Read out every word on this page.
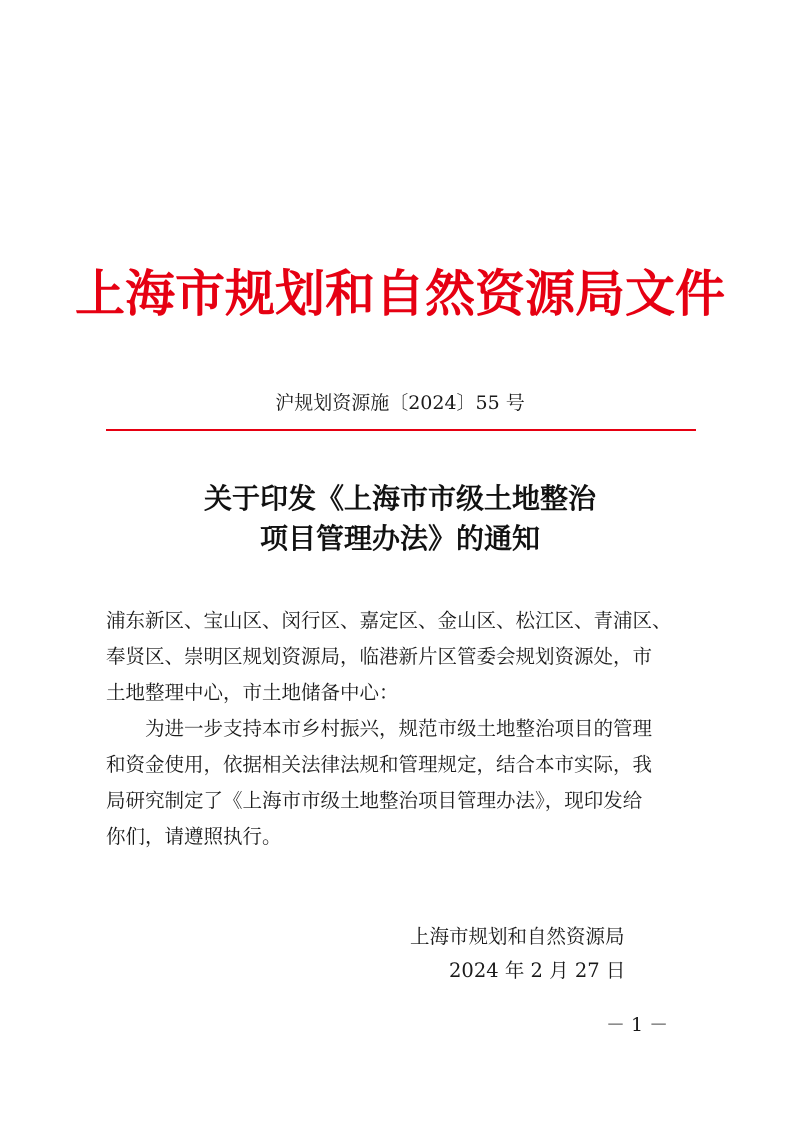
上海市规划和自然资源局文件
沪规划资源施〔2024〕55 号
关于印发《上海市市级土地整治
项目管理办法》的通知
浦东新区、宝山区、闵行区、嘉定区、金山区、松江区、青浦区、
奉贤区、崇明区规划资源局，临港新片区管委会规划资源处，市
土地整理中心，市土地储备中心：
为进一步支持本市乡村振兴，规范市级土地整治项目的管理
和资金使用，依据相关法律法规和管理规定，结合本市实际，我
局研究制定了《上海市市级土地整治项目管理办法》，现印发给
你们，请遵照执行。
上海市规划和自然资源局
2024 年 2 月 27 日
－ 1 －
